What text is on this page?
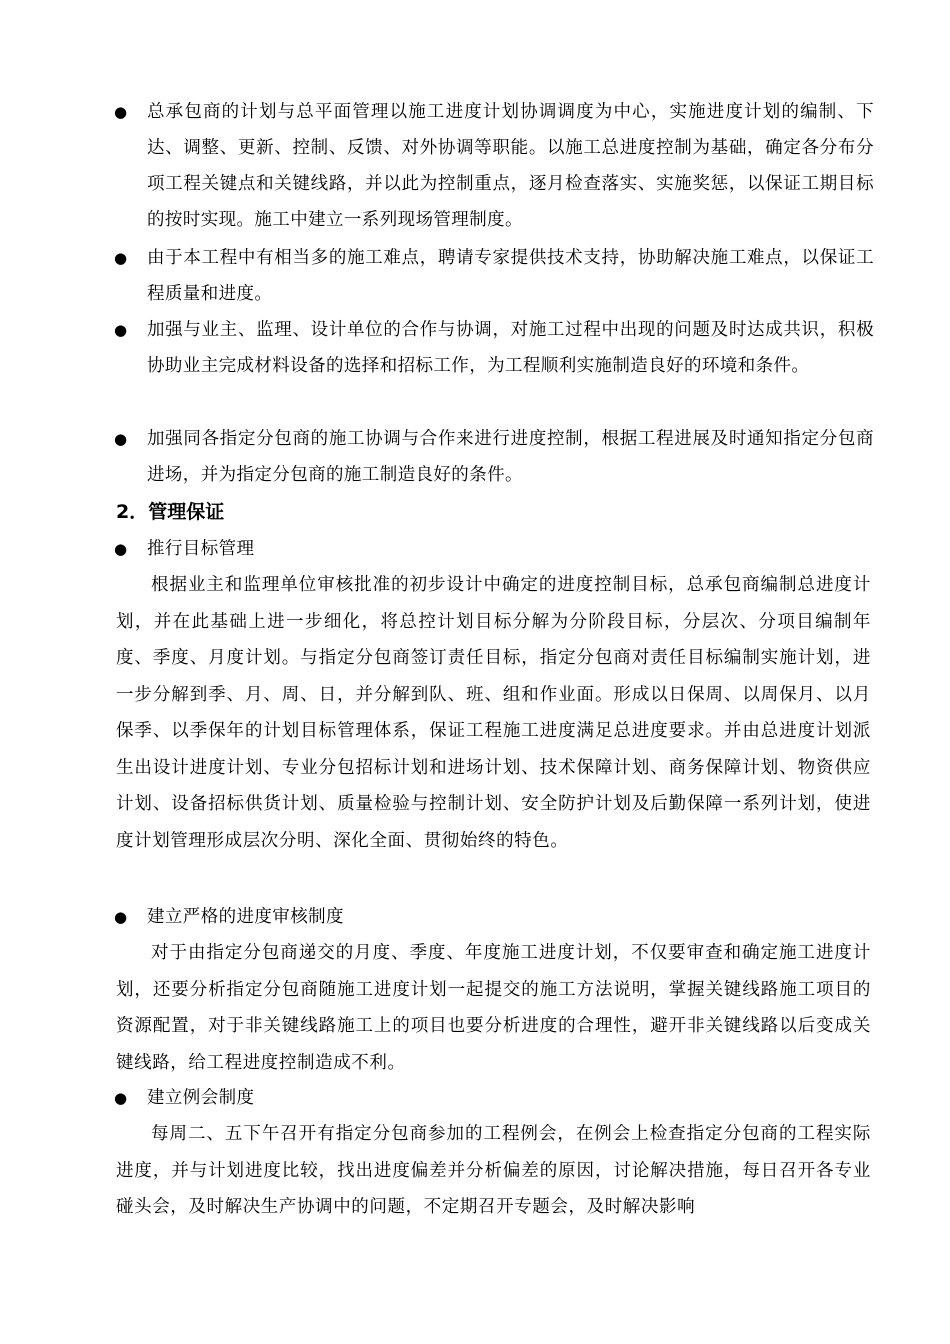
●	总承包商的计划与总平面管理以施工进度计划协调调度为中心，实施进度计划的编制、下达、调整、更新、控制、反馈、对外协调等职能。以施工总进度控制为基础，确定各分布分项工程关键点和关键线路，并以此为控制重点，逐月检查落实、实施奖惩，以保证工期目标的按时实现。施工中建立一系列现场管理制度。
●	由于本工程中有相当多的施工难点，聘请专家提供技术支持，协助解决施工难点，以保证工程质量和进度。
●	加强与业主、监理、设计单位的合作与协调，对施工过程中出现的问题及时达成共识，积极协助业主完成材料设备的选择和招标工作，为工程顺利实施制造良好的环境和条件。
●	加强同各指定分包商的施工协调与合作来进行进度控制，根据工程进展及时通知指定分包商进场，并为指定分包商的施工制造良好的条件。
2．管理保证
●	推行目标管理

根据业主和监理单位审核批准的初步设计中确定的进度控制目标，总承包商编制总进度计划，并在此基础上进一步细化，将总控计划目标分解为分阶段目标，分层次、分项目编制年度、季度、月度计划。与指定分包商签订责任目标，指定分包商对责任目标编制实施计划，进一步分解到季、月、周、日，并分解到队、班、组和作业面。形成以日保周、以周保月、以月保季、以季保年的计划目标管理体系，保证工程施工进度满足总进度要求。并由总进度计划派生出设计进度计划、专业分包招标计划和进场计划、技术保障计划、商务保障计划、物资供应计划、设备招标供货计划、质量检验与控制计划、安全防护计划及后勤保障一系列计划，使进度计划管理形成层次分明、深化全面、贯彻始终的特色。

●	建立严格的进度审核制度

对于由指定分包商递交的月度、季度、年度施工进度计划，不仅要审查和确定施工进度计划，还要分析指定分包商随施工进度计划一起提交的施工方法说明，掌握关键线路施工项目的资源配置，对于非关键线路施工上的项目也要分析进度的合理性，避开非关键线路以后变成关键线路，给工程进度控制造成不利。

●	建立例会制度

每周二、五下午召开有指定分包商参加的工程例会，在例会上检查指定分包商的工程实际进度，并与计划进度比较，找出进度偏差并分析偏差的原因，讨论解决措施，每日召开各专业碰头会，及时解决生产协调中的问题，不定期召开专题会，及时解决影响
